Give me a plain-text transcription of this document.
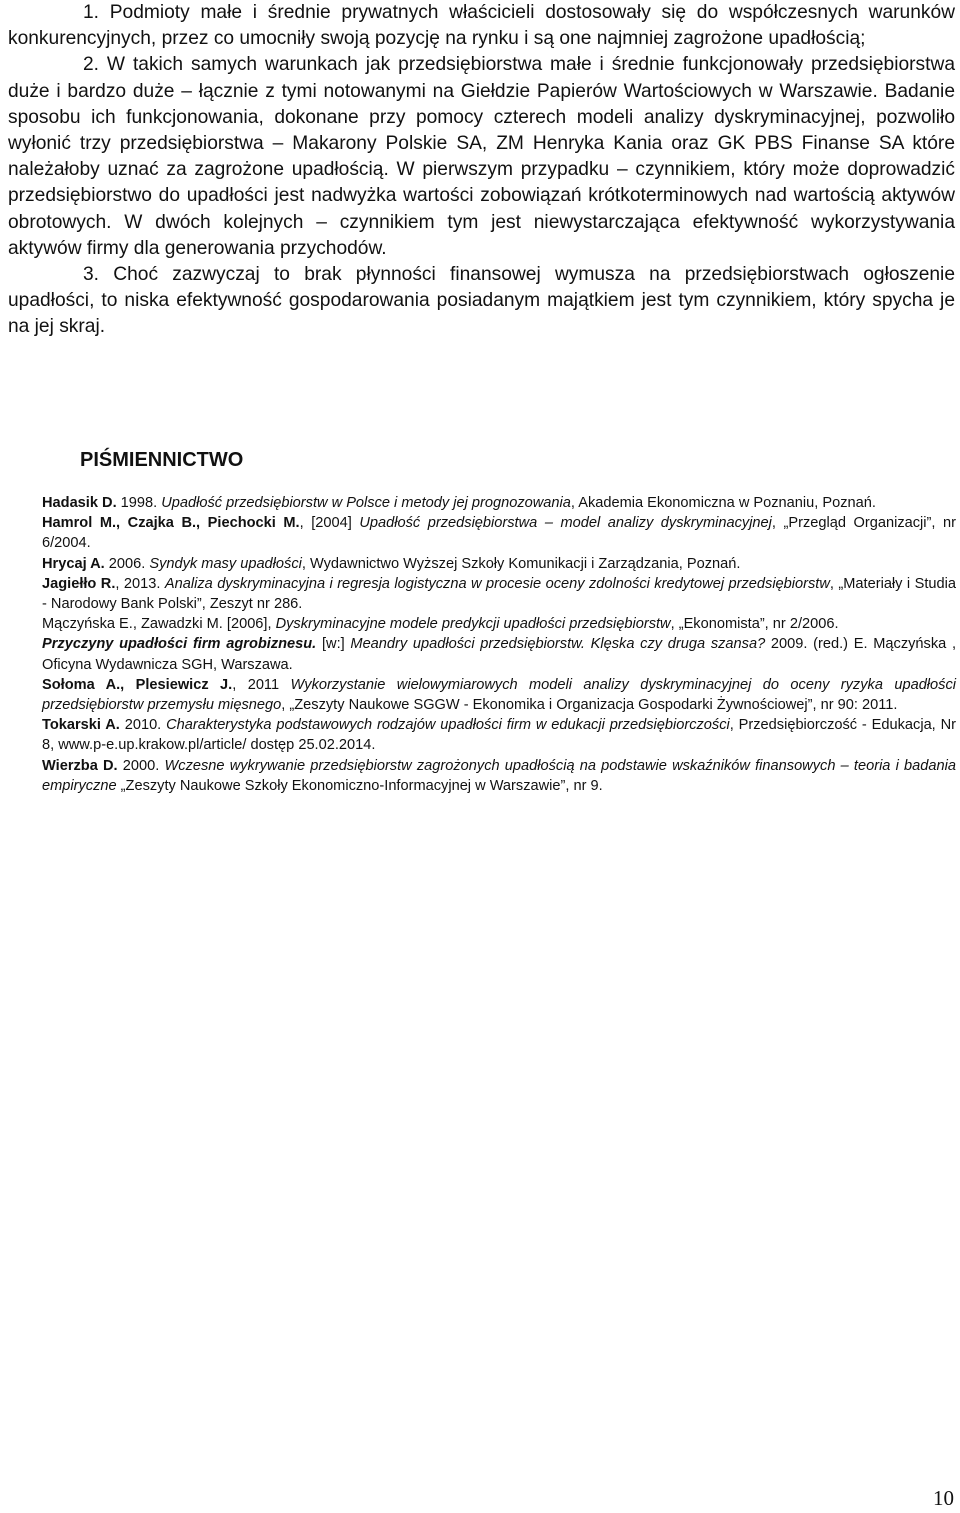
1. Podmioty małe i średnie prywatnych właścicieli dostosowały się do współczesnych warunków konkurencyjnych, przez co umocniły swoją pozycję na rynku i są one najmniej zagrożone upadłością;

2. W takich samych warunkach jak przedsiębiorstwa małe i średnie funkcjonowały przedsiębiorstwa duże i bardzo duże – łącznie z tymi notowanymi na Giełdzie Papierów Wartościowych w Warszawie. Badanie sposobu ich funkcjonowania, dokonane przy pomocy czterech modeli analizy dyskryminacyjnej, pozwoliło wyłonić trzy przedsiębiorstwa – Makarony Polskie SA, ZM Henryka Kania oraz GK PBS Finanse SA które należałoby uznać za zagrożone upadłością. W pierwszym przypadku – czynnikiem, który może doprowadzić przedsiębiorstwo do upadłości jest nadwyżka wartości zobowiązań krótkoterminowych nad wartością aktywów obrotowych. W dwóch kolejnych – czynnikiem tym jest niewystarczająca efektywność wykorzystywania aktywów firmy dla generowania przychodów.

3. Choć zazwyczaj to brak płynności finansowej wymusza na przedsiębiorstwach ogłoszenie upadłości, to niska efektywność gospodarowania posiadanym majątkiem jest tym czynnikiem, który spycha je na jej skraj.

PIŚMIENNICTWO

Hadasik D. 1998. Upadłość przedsiębiorstw w Polsce i metody jej prognozowania, Akademia Ekonomiczna w Poznaniu, Poznań.

Hamrol M., Czajka B., Piechocki M., [2004] Upadłość przedsiębiorstwa – model analizy dyskryminacyjnej, „Przegląd Organizacji”, nr 6/2004.

Hrycaj A. 2006. Syndyk masy upadłości, Wydawnictwo Wyższej Szkoły Komunikacji i Zarządzania, Poznań.

Jagiełło R., 2013. Analiza dyskryminacyjna i regresja logistyczna w procesie oceny zdolności kredytowej przedsiębiorstw, „Materiały i Studia - Narodowy Bank Polski”, Zeszyt nr 286.

Mączyńska E., Zawadzki M. [2006], Dyskryminacyjne modele predykcji upadłości przedsiębiorstw, „Ekonomista”, nr 2/2006.

Przyczyny upadłości firm agrobiznesu. [w:] Meandry upadłości przedsiębiorstw. Klęska czy druga szansa? 2009. (red.) E. Mączyńska , Oficyna Wydawnicza SGH, Warszawa.

Sołoma A., Plesiewicz J., 2011 Wykorzystanie wielowymiarowych modeli analizy dyskryminacyjnej do oceny ryzyka upadłości przedsiębiorstw przemysłu mięsnego, „Zeszyty Naukowe SGGW - Ekonomika i Organizacja Gospodarki Żywnościowej”, nr 90: 2011.

Tokarski A. 2010. Charakterystyka podstawowych rodzajów upadłości firm w edukacji przedsiębiorczości, Przedsiębiorczość - Edukacja, Nr 8, www.p-e.up.krakow.pl/article/ dostęp 25.02.2014.

Wierzba D. 2000. Wczesne wykrywanie przedsiębiorstw zagrożonych upadłością na podstawie wskaźników finansowych – teoria i badania empiryczne „Zeszyty Naukowe Szkoły Ekonomiczno-Informacyjnej w Warszawie”, nr 9.

10
